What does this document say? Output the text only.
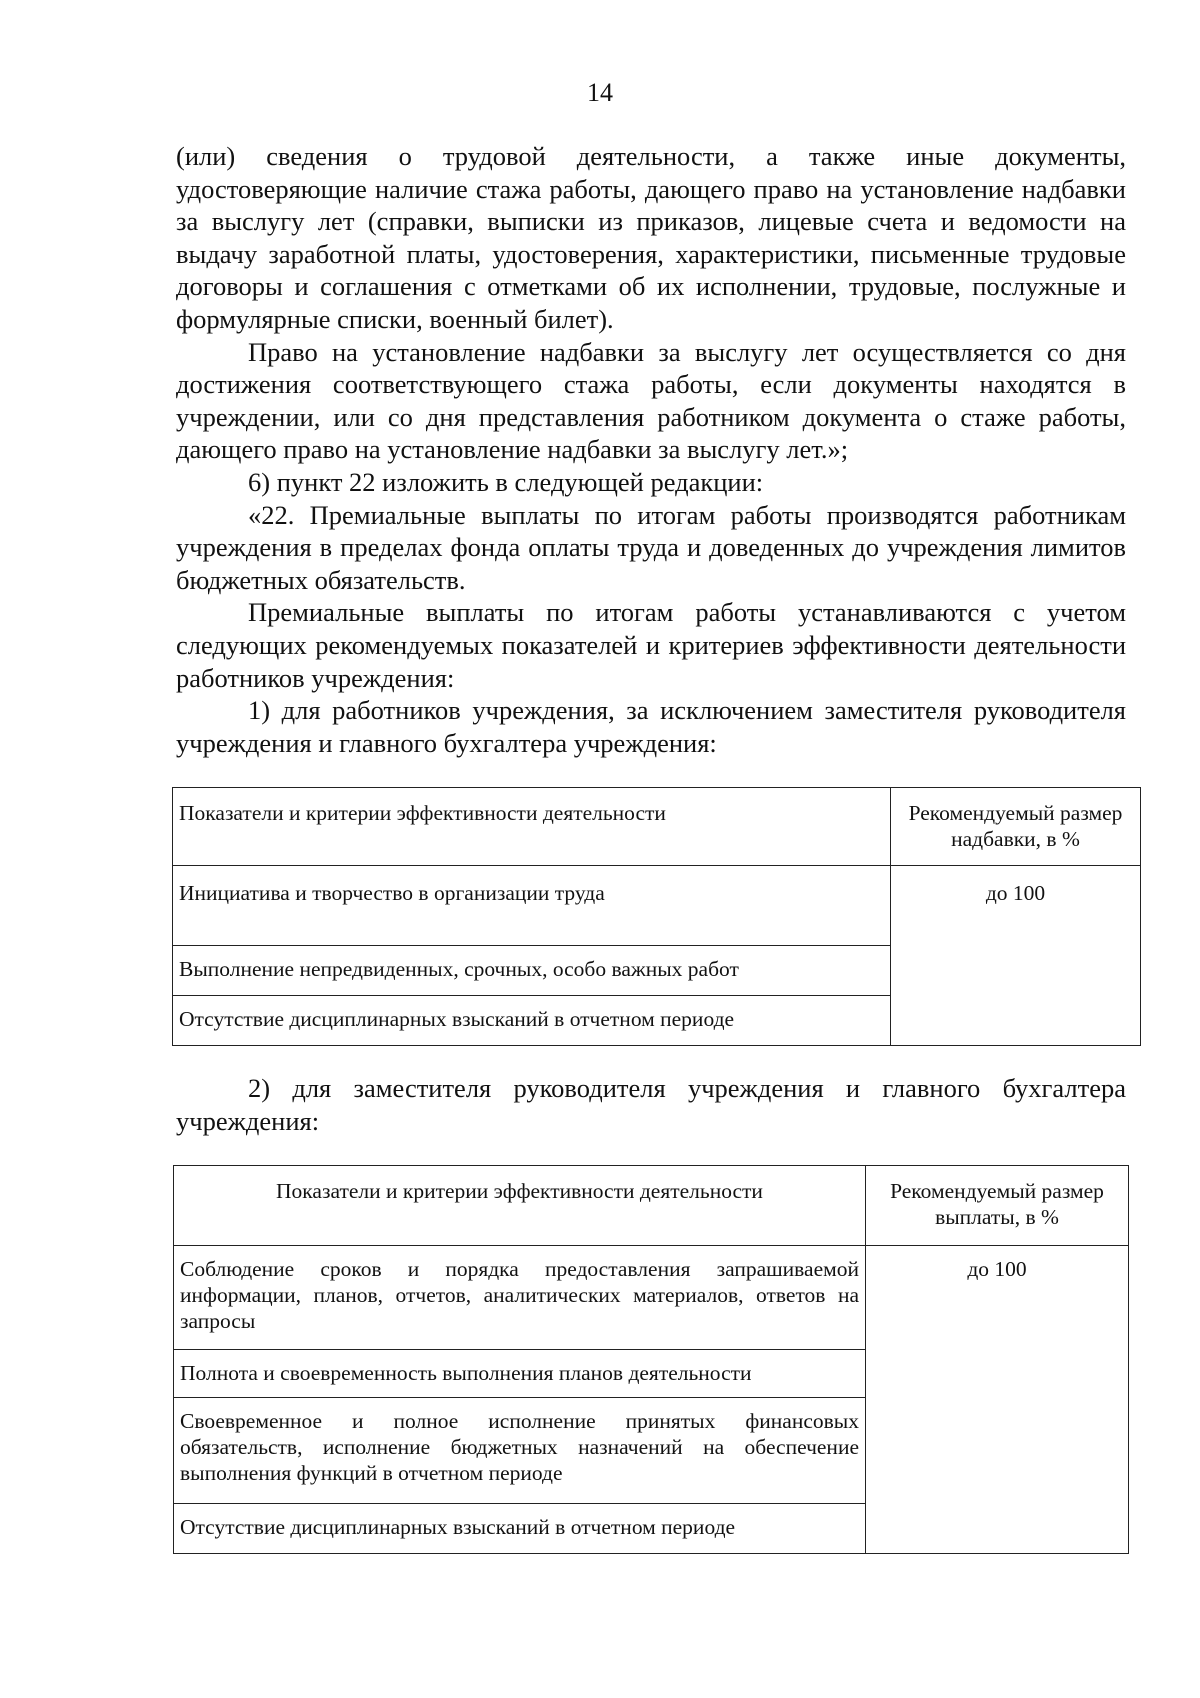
14

(или) сведения о трудовой деятельности, а также иные документы, удостоверяющие наличие стажа работы, дающего право на установление надбавки за выслугу лет (справки, выписки из приказов, лицевые счета и ведомости на выдачу заработной платы, удостоверения, характеристики, письменные трудовые договоры и соглашения с отметками об их исполнении, трудовые, послужные и формулярные списки, военный билет).

Право на установление надбавки за выслугу лет осуществляется со дня достижения соответствующего стажа работы, если документы находятся в учреждении, или со дня представления работником документа о стаже работы, дающего право на установление надбавки за выслугу лет.»;

6) пункт 22 изложить в следующей редакции:

«22. Премиальные выплаты по итогам работы производятся работникам учреждения в пределах фонда оплаты труда и доведенных до учреждения лимитов бюджетных обязательств.

Премиальные выплаты по итогам работы устанавливаются с учетом следующих рекомендуемых показателей и критериев эффективности деятельности работников учреждения:

1) для работников учреждения, за исключением заместителя руководителя учреждения и главного бухгалтера учреждения:

Показатели и критерии эффективности деятельности	Рекомендуемый размер надбавки, в %
Инициатива и творчество в организации труда	до 100
Выполнение непредвиденных, срочных, особо важных работ	
Отсутствие дисциплинарных взысканий в отчетном периоде	

2) для заместителя руководителя учреждения и главного бухгалтера учреждения:

Показатели и критерии эффективности деятельности	Рекомендуемый размер выплаты, в %
Соблюдение сроков и порядка предоставления запрашиваемой информации, планов, отчетов, аналитических материалов, ответов на запросы	до 100
Полнота и своевременность выполнения планов деятельности	
Своевременное и полное исполнение принятых финансовых обязательств, исполнение бюджетных назначений на обеспечение выполнения функций в отчетном периоде	
Отсутствие дисциплинарных взысканий в отчетном периоде	
